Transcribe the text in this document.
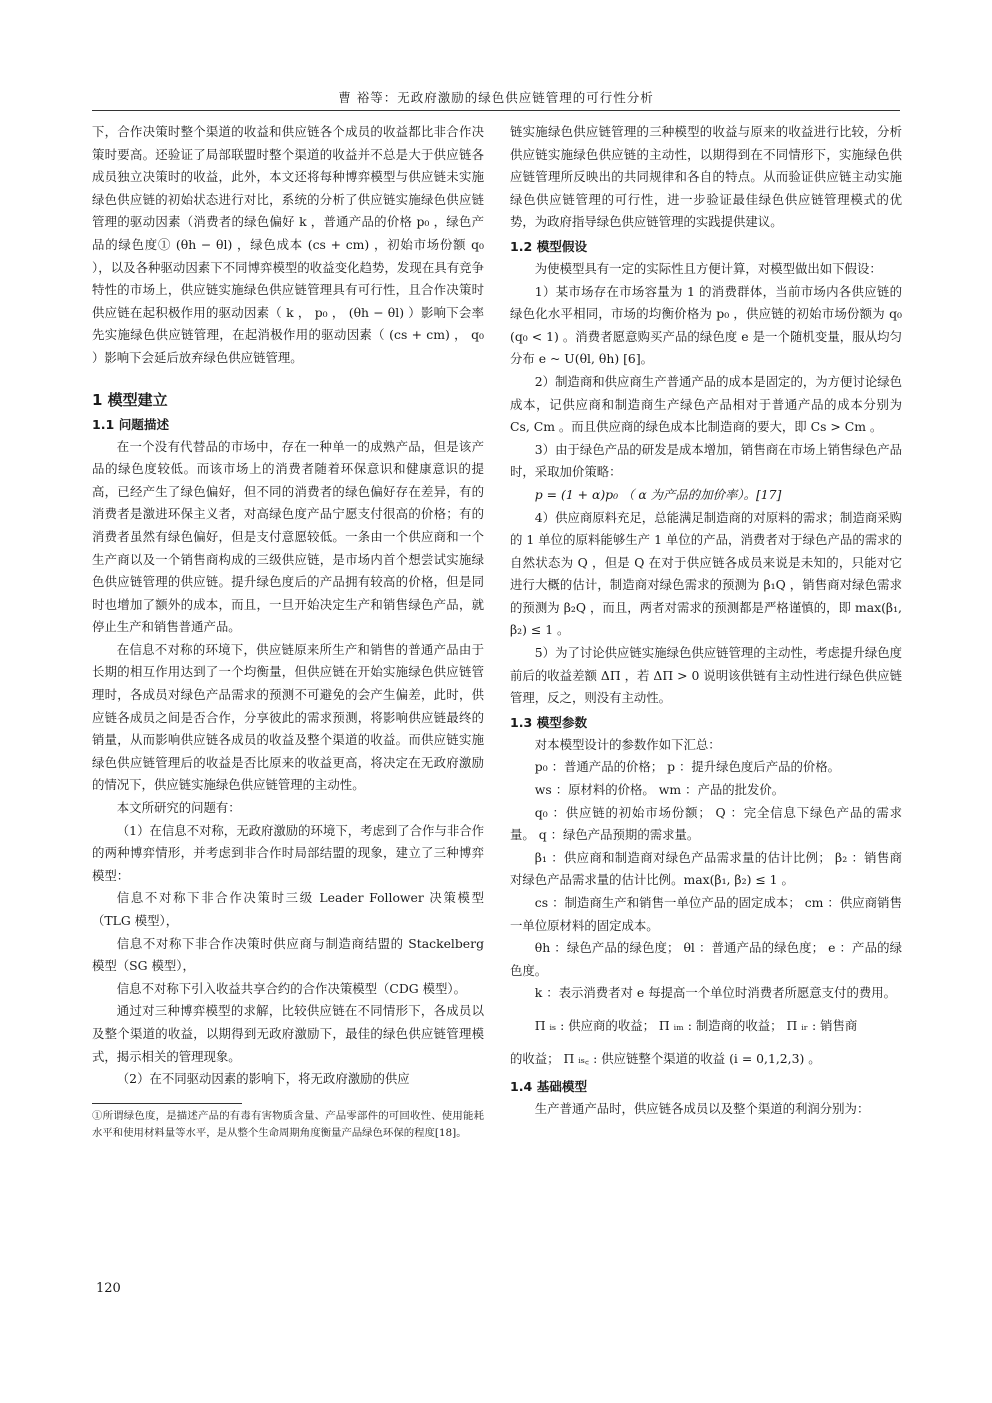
曹 裕等：无政府激励的绿色供应链管理的可行性分析

下，合作决策时整个渠道的收益和供应链各个成员的收益都比非合作决策时要高。还验证了局部联盟时整个渠道的收益并不总是大于供应链各成员独立决策时的收益，此外，本文还将每种博弈模型与供应链未实施绿色供应链的初始状态进行对比，系统的分析了供应链实施绿色供应链管理的驱动因素（消费者的绿色偏好 k ，普通产品的价格 p₀ ，绿色产品的绿色度① (θh − θl) ，绿色成本 (cs + cm) ，初始市场份额 q₀ ），以及各种驱动因素下不同博弈模型的收益变化趋势，发现在具有竞争特性的市场上，供应链实施绿色供应链管理具有可行性，且合作决策时供应链在起积极作用的驱动因素（ k ， p₀ ， (θh − θl) ）影响下会率先实施绿色供应链管理，在起消极作用的驱动因素（ (cs + cm) ， q₀ ）影响下会延后放弃绿色供应链管理。

1 模型建立
1.1 问题描述

在一个没有代替品的市场中，存在一种单一的成熟产品，但是该产品的绿色度较低。而该市场上的消费者随着环保意识和健康意识的提高，已经产生了绿色偏好，但不同的消费者的绿色偏好存在差异，有的消费者是激进环保主义者，对高绿色度产品宁愿支付很高的价格；有的消费者虽然有绿色偏好，但是支付意愿较低。一条由一个供应商和一个生产商以及一个销售商构成的三级供应链，是市场内首个想尝试实施绿色供应链管理的供应链。提升绿色度后的产品拥有较高的价格，但是同时也增加了额外的成本，而且，一旦开始决定生产和销售绿色产品，就停止生产和销售普通产品。

在信息不对称的环境下，供应链原来所生产和销售的普通产品由于长期的相互作用达到了一个均衡量，但供应链在开始实施绿色供应链管理时，各成员对绿色产品需求的预测不可避免的会产生偏差，此时，供应链各成员之间是否合作，分享彼此的需求预测，将影响供应链最终的销量，从而影响供应链各成员的收益及整个渠道的收益。而供应链实施绿色供应链管理后的收益是否比原来的收益更高，将决定在无政府激励的情况下，供应链实施绿色供应链管理的主动性。

本文所研究的问题有：

（1）在信息不对称，无政府激励的环境下，考虑到了合作与非合作的两种博弈情形，并考虑到非合作时局部结盟的现象，建立了三种博弈模型：

信息不对称下非合作决策时三级 Leader Follower 决策模型（TLG 模型），

信息不对称下非合作决策时供应商与制造商结盟的 Stackelberg 模型（SG 模型），

信息不对称下引入收益共享合约的合作决策模型（CDG 模型）。

通过对三种博弈模型的求解，比较供应链在不同情形下，各成员以及整个渠道的收益，以期得到无政府激励下，最佳的绿色供应链管理模式，揭示相关的管理现象。

（2）在不同驱动因素的影响下，将无政府激励的供应

①所谓绿色度，是描述产品的有毒有害物质含量、产品零部件的可回收性、使用能耗水平和使用材料量等水平，是从整个生命周期角度衡量产品绿色环保的程度[18]。

链实施绿色供应链管理的三种模型的收益与原来的收益进行比较，分析供应链实施绿色供应链的主动性，以期得到在不同情形下，实施绿色供应链管理所反映出的共同规律和各自的特点。从而验证供应链主动实施绿色供应链管理的可行性，进一步验证最佳绿色供应链管理模式的优势，为政府指导绿色供应链管理的实践提供建议。

1.2 模型假设

为使模型具有一定的实际性且方便计算，对模型做出如下假设：

1）某市场存在市场容量为 1 的消费群体，当前市场内各供应链的绿色化水平相同，市场的均衡价格为 p₀ ，供应链的初始市场份额为 q₀ (q₀ < 1) 。消费者愿意购买产品的绿色度 e 是一个随机变量，服从均匀分布 e ~ U(θl, θh) [6]。

2）制造商和供应商生产普通产品的成本是固定的，为方便讨论绿色成本，记供应商和制造商生产绿色产品相对于普通产品的成本分别为 Cs, Cm 。而且供应商的绿色成本比制造商的要大，即 Cs > Cm 。

3）由于绿色产品的研发是成本增加，销售商在市场上销售绿色产品时，采取加价策略：

p = (1 + α)p₀ （ α 为产品的加价率）。[17]

4）供应商原料充足，总能满足制造商的对原料的需求；制造商采购的 1 单位的原料能够生产 1 单位的产品，消费者对于绿色产品的需求的自然状态为 Q ，但是 Q 在对于供应链各成员来说是未知的，只能对它进行大概的估计，制造商对绿色需求的预测为 β₁Q ，销售商对绿色需求的预测为 β₂Q ，而且，两者对需求的预测都是严格谨慎的，即 max(β₁, β₂) ≤ 1 。

5）为了讨论供应链实施绿色供应链管理的主动性，考虑提升绿色度前后的收益差额 ΔΠ ，若 ΔΠ > 0 说明该供链有主动性进行绿色供应链管理，反之，则没有主动性。

1.3 模型参数

对本模型设计的参数作如下汇总：

p₀ ：普通产品的价格； p ：提升绿色度后产品的价格。

ws ：原材料的价格。 wm ：产品的批发价。

q₀ ：供应链的初始市场份额； Q ：完全信息下绿色产品的需求量。 q ：绿色产品预期的需求量。

β₁ ：供应商和制造商对绿色产品需求量的估计比例； β₂ ：销售商对绿色产品需求量的估计比例。max(β₁, β₂) ≤ 1 。

cs ：制造商生产和销售一单位产品的固定成本； cm ：供应商销售一单位原材料的固定成本。

θh ：绿色产品的绿色度； θl ：普通产品的绿色度； e ：产品的绿色度。

k ：表示消费者对 e 每提高一个单位时消费者所愿意支付的费用。

Π ᵢₛ : 供应商的收益； Π ᵢₘ : 制造商的收益； Π ᵢᵣ : 销售商

的收益； Π ᵢₛ꜀ : 供应链整个渠道的收益 (i = 0,1,2,3) 。

1.4 基础模型

生产普通产品时，供应链各成员以及整个渠道的利润分别为：

120
